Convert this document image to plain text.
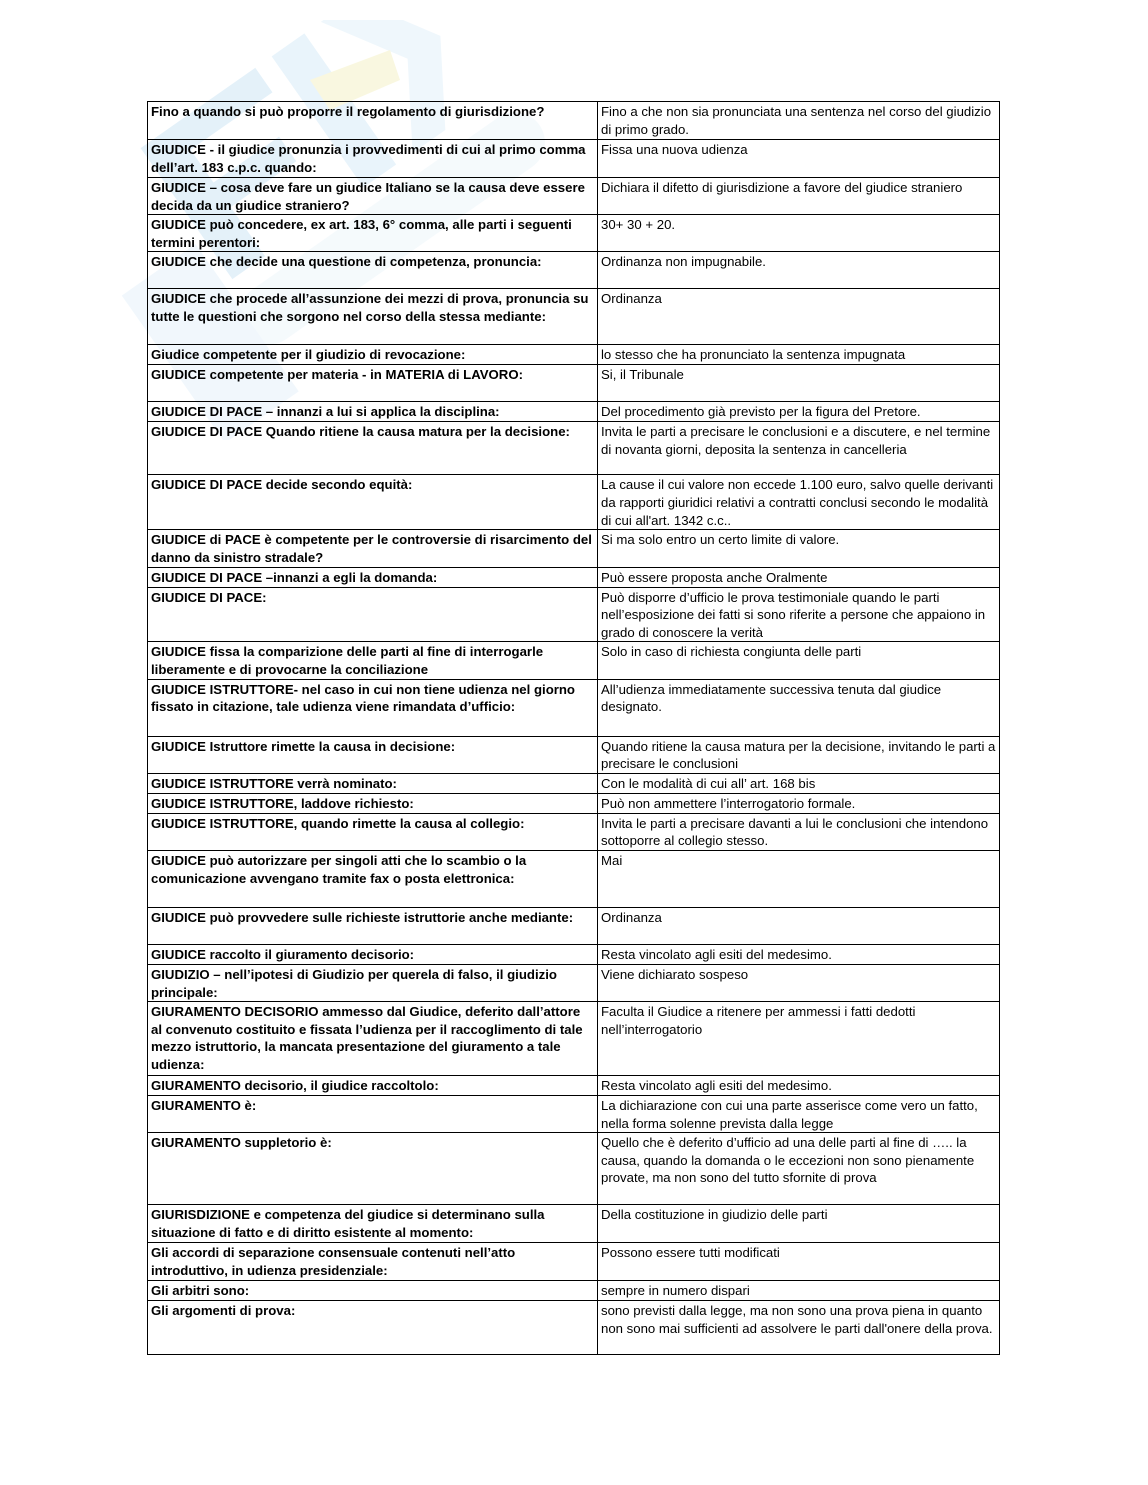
Fino a quando si può proporre il regolamento di giurisdizione?	Fino a che non sia pronunciata una sentenza nel corso del giudizio di primo grado.
GIUDICE - il giudice pronunzia i provvedimenti di cui al primo comma dell’art. 183 c.p.c. quando:	Fissa una nuova udienza
GIUDICE – cosa deve fare un giudice Italiano se la causa deve essere decida da un giudice straniero?	Dichiara il difetto di giurisdizione a favore del giudice straniero
GIUDICE può concedere, ex art. 183, 6° comma, alle parti i seguenti termini perentori:	30+ 30 + 20.
GIUDICE che decide una questione di competenza, pronuncia:	Ordinanza non impugnabile.
GIUDICE che procede all’assunzione dei mezzi di prova, pronuncia su tutte le questioni che sorgono nel corso della stessa mediante:	Ordinanza
Giudice competente per il giudizio di revocazione:	lo stesso che ha pronunciato la sentenza impugnata
GIUDICE competente per materia - in MATERIA di LAVORO:	Si, il Tribunale
GIUDICE DI PACE – innanzi a lui si applica la disciplina:	Del procedimento già previsto per la figura del Pretore.
GIUDICE DI PACE Quando ritiene la causa matura per la decisione:	Invita le parti a precisare le conclusioni e a discutere, e nel termine di novanta giorni, deposita la sentenza in cancelleria
GIUDICE DI PACE decide secondo equità:	La cause il cui valore non eccede 1.100 euro, salvo quelle derivanti da rapporti giuridici relativi a contratti conclusi secondo le modalità di cui all'art. 1342 c.c..
GIUDICE di PACE è competente per le controversie di risarcimento del danno da sinistro stradale?	Si ma solo entro un certo limite di valore.
GIUDICE DI PACE –innanzi a egli la domanda:	Può essere proposta anche Oralmente
GIUDICE DI PACE:	Può disporre d’ufficio le prova testimoniale quando le parti nell’esposizione dei fatti si sono riferite a persone che appaiono in grado di conoscere la verità
GIUDICE fissa la comparizione delle parti al fine di interrogarle liberamente e di provocarne la conciliazione	Solo in caso di richiesta congiunta delle parti
GIUDICE ISTRUTTORE- nel caso in cui non tiene udienza nel giorno fissato in citazione, tale udienza viene rimandata d’ufficio:	All’udienza immediatamente successiva tenuta dal giudice designato.
GIUDICE Istruttore rimette la causa in decisione:	Quando ritiene la causa matura per la decisione, invitando le parti a precisare le conclusioni
GIUDICE ISTRUTTORE verrà nominato:	Con le modalità di cui all’ art. 168 bis
GIUDICE ISTRUTTORE, laddove richiesto:	Può non ammettere l’interrogatorio formale.
GIUDICE ISTRUTTORE, quando rimette la causa al collegio:	Invita le parti a precisare davanti a lui le conclusioni che intendono sottoporre al collegio stesso.
GIUDICE può autorizzare per singoli atti che lo scambio o la comunicazione avvengano tramite fax o posta elettronica:	Mai
GIUDICE può provvedere sulle richieste istruttorie anche mediante:	Ordinanza
GIUDICE raccolto il giuramento decisorio:	Resta vincolato agli esiti del medesimo.
GIUDIZIO – nell’ipotesi di Giudizio per querela di falso, il giudizio principale:	Viene dichiarato sospeso
GIURAMENTO DECISORIO ammesso dal Giudice, deferito dall’attore al convenuto costituito e fissata l’udienza per il raccoglimento di tale mezzo istruttorio, la mancata presentazione del giuramento a tale udienza:	Faculta il Giudice a ritenere per ammessi i fatti dedotti nell’interrogatorio
GIURAMENTO decisorio, il giudice raccoltolo:	Resta vincolato agli esiti del medesimo.
GIURAMENTO è:	La dichiarazione con cui una parte asserisce come vero un fatto, nella forma solenne prevista dalla legge
GIURAMENTO suppletorio è:	Quello che è deferito d’ufficio ad una delle parti al fine di ….. la causa, quando la domanda o le eccezioni non sono pienamente provate, ma non sono del tutto sfornite di prova
GIURISDIZIONE e competenza del giudice si determinano sulla situazione di fatto e di diritto esistente al momento:	Della costituzione in giudizio delle parti
Gli accordi di separazione consensuale contenuti nell’atto introduttivo, in udienza presidenziale:	Possono essere tutti modificati
Gli arbitri sono:	sempre in numero dispari
Gli argomenti di prova:	sono previsti dalla legge, ma non sono una prova piena in quanto non sono mai sufficienti ad assolvere le parti dall'onere della prova.
